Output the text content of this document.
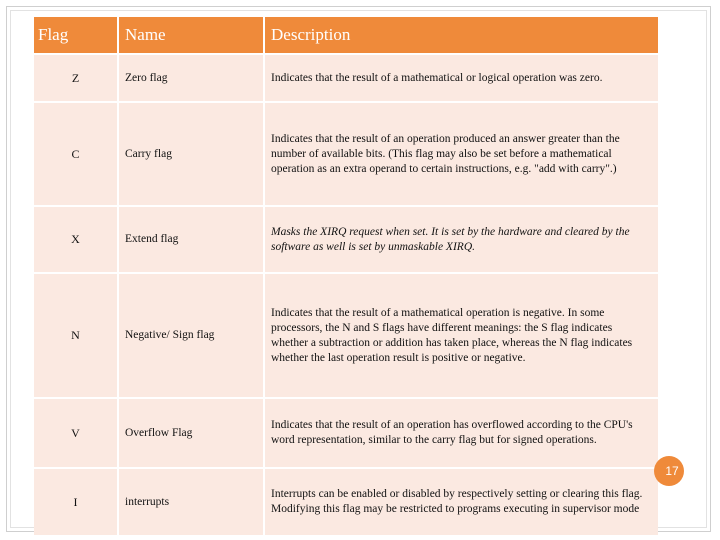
Flag	Name	Description
Z	Zero flag	Indicates that the result of a mathematical or logical operation was zero.
C	Carry flag	Indicates that the result of an operation produced an answer greater than the number of available bits. (This flag may also be set before a mathematical operation as an extra operand to certain instructions, e.g. "add with carry".)
X	Extend flag	Masks the XIRQ request when set. It is set by the hardware and cleared by the software as well is set by unmaskable XIRQ.
N	Negative/ Sign flag	Indicates that the result of a mathematical operation is negative. In some processors, the N and S flags have different meanings: the S flag indicates whether a subtraction or addition has taken place, whereas the N flag indicates whether the last operation result is positive or negative.
V	Overflow Flag	Indicates that the result of an operation has overflowed according to the CPU's word representation, similar to the carry flag but for signed operations.
I	interrupts	Interrupts can be enabled or disabled by respectively setting or clearing this flag. Modifying this flag may be restricted to programs executing in supervisor mode
17
